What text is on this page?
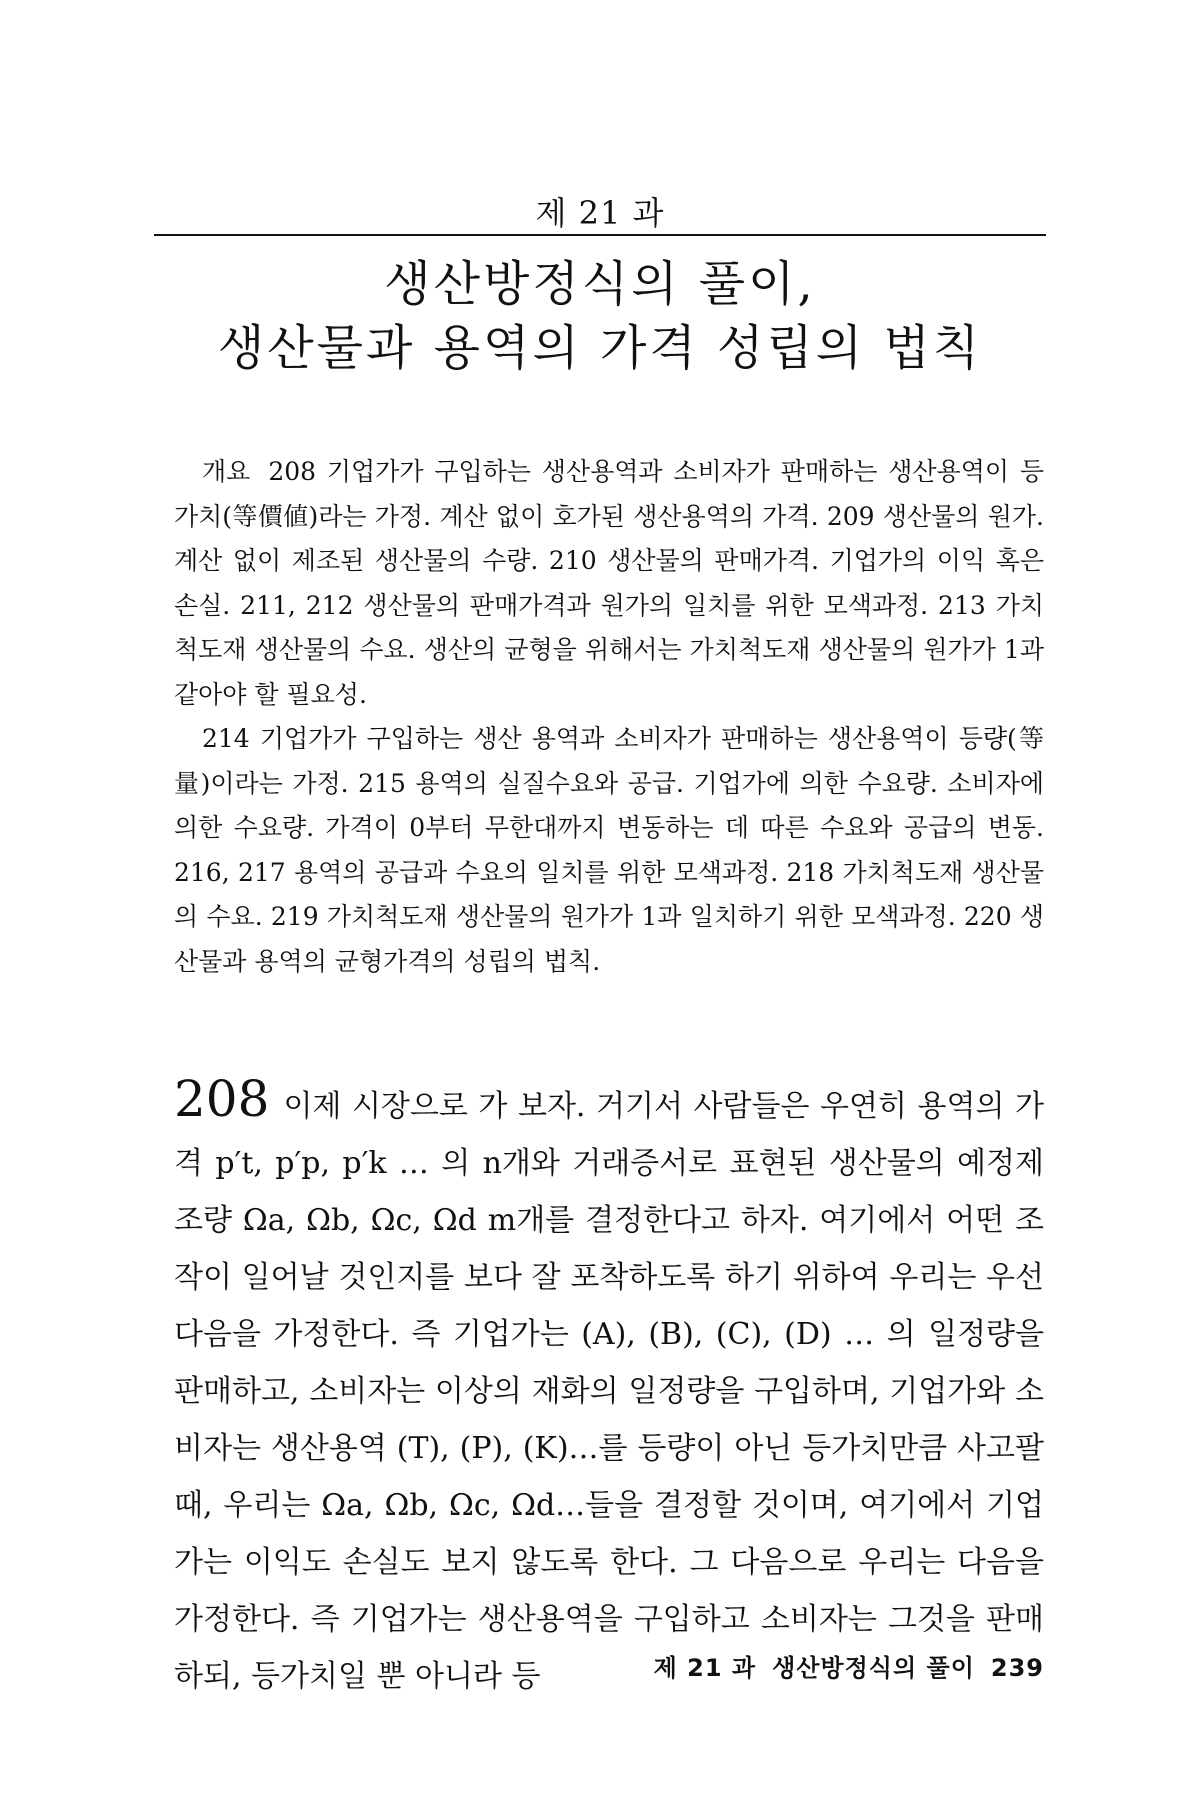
제 21 과
생산방정식의 풀이,
생산물과 용역의 가격 성립의 법칙

개요 208 기업가가 구입하는 생산용역과 소비자가 판매하는 생산용역이 등가치(等價値)라는 가정. 계산 없이 호가된 생산용역의 가격. 209 생산물의 원가. 계산 없이 제조된 생산물의 수량. 210 생산물의 판매가격. 기업가의 이익 혹은 손실. 211, 212 생산물의 판매가격과 원가의 일치를 위한 모색과정. 213 가치척도재 생산물의 수요. 생산의 균형을 위해서는 가치척도재 생산물의 원가가 1과 같아야 할 필요성.

214 기업가가 구입하는 생산 용역과 소비자가 판매하는 생산용역이 등량(等量)이라는 가정. 215 용역의 실질수요와 공급. 기업가에 의한 수요량. 소비자에 의한 수요량. 가격이 0부터 무한대까지 변동하는 데 따른 수요와 공급의 변동. 216, 217 용역의 공급과 수요의 일치를 위한 모색과정. 218 가치척도재 생산물의 수요. 219 가치척도재 생산물의 원가가 1과 일치하기 위한 모색과정. 220 생산물과 용역의 균형가격의 성립의 법칙.

208 이제 시장으로 가 보자. 거기서 사람들은 우연히 용역의 가격 p′t, p′p, p′k … 의 n개와 거래증서로 표현된 생산물의 예정제조량 Ωa, Ωb, Ωc, Ωd m개를 결정한다고 하자. 여기에서 어떤 조작이 일어날 것인지를 보다 잘 포착하도록 하기 위하여 우리는 우선 다음을 가정한다. 즉 기업가는 (A), (B), (C), (D) … 의 일정량을 판매하고, 소비자는 이상의 재화의 일정량을 구입하며, 기업가와 소비자는 생산용역 (T), (P), (K)…를 등량이 아닌 등가치만큼 사고팔 때, 우리는 Ωa, Ωb, Ωc, Ωd…들을 결정할 것이며, 여기에서 기업가는 이익도 손실도 보지 않도록 한다. 그 다음으로 우리는 다음을 가정한다. 즉 기업가는 생산용역을 구입하고 소비자는 그것을 판매하되, 등가치일 뿐 아니라 등	제 21 과 생산방정식의 풀이 239
